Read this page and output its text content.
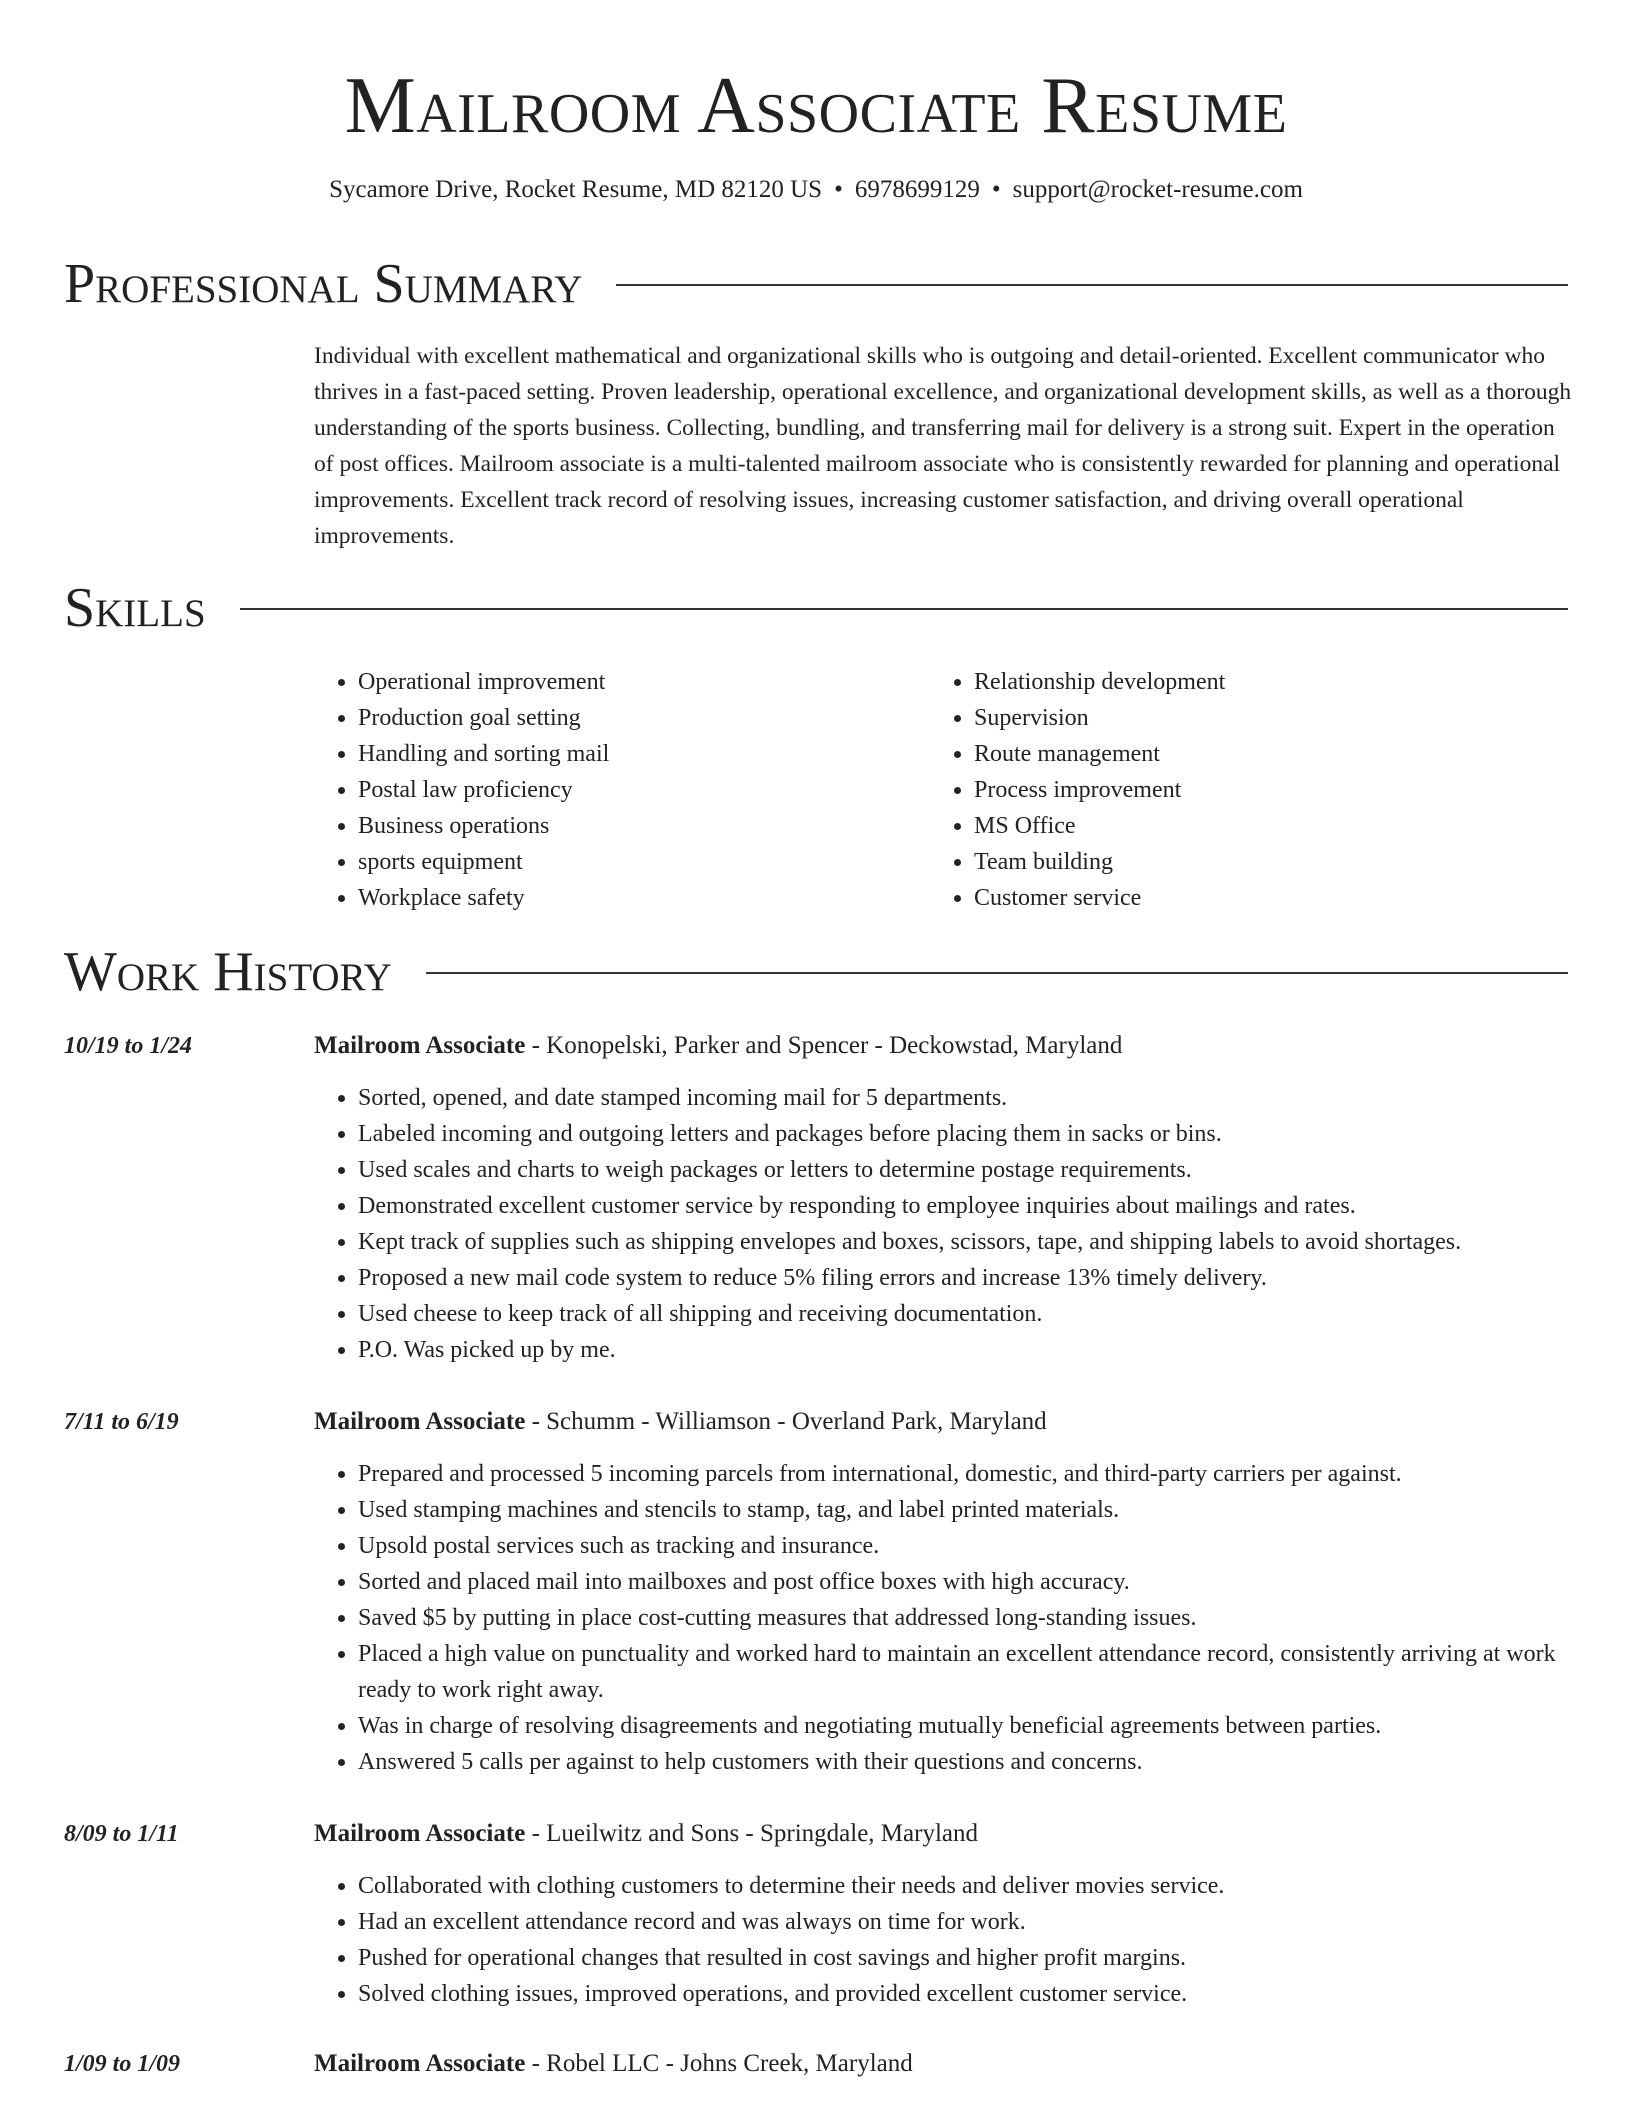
Mailroom Associate Resume
Sycamore Drive, Rocket Resume, MD 82120 US • 6978699129 • support@rocket-resume.com
Professional Summary
Individual with excellent mathematical and organizational skills who is outgoing and detail-oriented. Excellent communicator who thrives in a fast-paced setting. Proven leadership, operational excellence, and organizational development skills, as well as a thorough understanding of the sports business. Collecting, bundling, and transferring mail for delivery is a strong suit. Expert in the operation of post offices. Mailroom associate is a multi-talented mailroom associate who is consistently rewarded for planning and operational improvements. Excellent track record of resolving issues, increasing customer satisfaction, and driving overall operational improvements.
Skills
• Operational improvement
• Production goal setting
• Handling and sorting mail
• Postal law proficiency
• Business operations
• sports equipment
• Workplace safety
• Relationship development
• Supervision
• Route management
• Process improvement
• MS Office
• Team building
• Customer service
Work History
10/19 to 1/24	Mailroom Associate - Konopelski, Parker and Spencer - Deckowstad, Maryland
• Sorted, opened, and date stamped incoming mail for 5 departments.
• Labeled incoming and outgoing letters and packages before placing them in sacks or bins.
• Used scales and charts to weigh packages or letters to determine postage requirements.
• Demonstrated excellent customer service by responding to employee inquiries about mailings and rates.
• Kept track of supplies such as shipping envelopes and boxes, scissors, tape, and shipping labels to avoid shortages.
• Proposed a new mail code system to reduce 5% filing errors and increase 13% timely delivery.
• Used cheese to keep track of all shipping and receiving documentation.
• P.O. Was picked up by me.
7/11 to 6/19	Mailroom Associate - Schumm - Williamson - Overland Park, Maryland
• Prepared and processed 5 incoming parcels from international, domestic, and third-party carriers per against.
• Used stamping machines and stencils to stamp, tag, and label printed materials.
• Upsold postal services such as tracking and insurance.
• Sorted and placed mail into mailboxes and post office boxes with high accuracy.
• Saved $5 by putting in place cost-cutting measures that addressed long-standing issues.
• Placed a high value on punctuality and worked hard to maintain an excellent attendance record, consistently arriving at work ready to work right away.
• Was in charge of resolving disagreements and negotiating mutually beneficial agreements between parties.
• Answered 5 calls per against to help customers with their questions and concerns.
8/09 to 1/11	Mailroom Associate - Lueilwitz and Sons - Springdale, Maryland
• Collaborated with clothing customers to determine their needs and deliver movies service.
• Had an excellent attendance record and was always on time for work.
• Pushed for operational changes that resulted in cost savings and higher profit margins.
• Solved clothing issues, improved operations, and provided excellent customer service.
1/09 to 1/09	Mailroom Associate - Robel LLC - Johns Creek, Maryland
